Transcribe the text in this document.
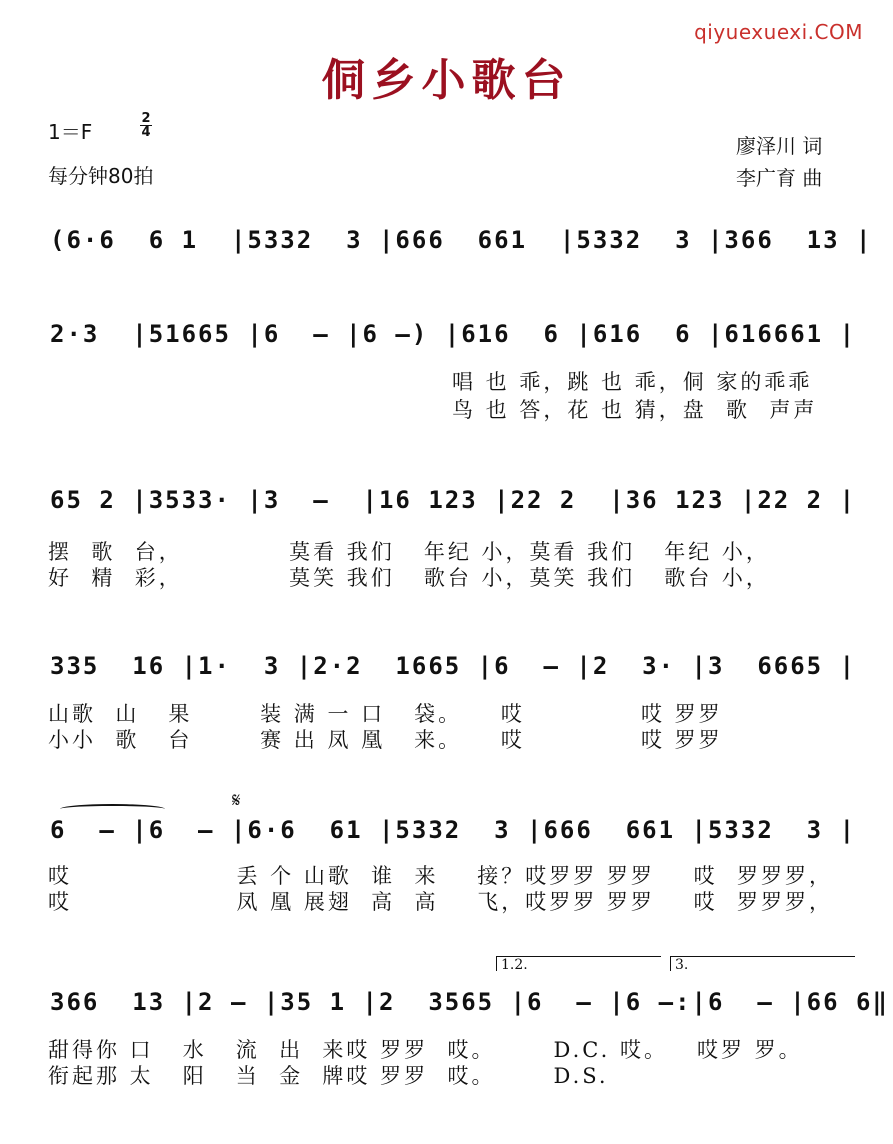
qiyuexuexi.COM
侗乡小歌台
1＝F
2
4
每分钟80拍
廖泽川 词
李广育 曲
(6·6  6 1  |5332  3 |666  661  |5332  3 |366  13 |
2·3  |51665 |6  — |6 —) |616  6 |616  6 |616661 |
唱 也 乖，跳 也 乖，侗 家的乖乖
鸟 也 答，花 也 猜，盘  歌  声声
65 2 |3533· |3  —  |16 123 |22 2  |36 123 |22 2 |
摆  歌  台，           莫看 我们   年纪 小，莫看 我们   年纪 小，
好  精  彩，           莫笑 我们   歌台 小，莫笑 我们   歌台 小，
335  16 |1·  3 |2·2  1665 |6  — |2  3· |3  6665 |
山歌  山   果       装 满 一 口   袋。    哎            哎 罗罗
小小  歌   台       赛 出 凤 凰   来。    哎            哎 罗罗
𝄋
6  — |6  — |6·6  61 |5332  3 |666  661 |5332  3 |
哎                 丢 个 山歌  谁  来    接？哎罗罗 罗罗    哎  罗罗罗，
哎                 凤 凰 展翅  高  高    飞，哎罗罗 罗罗    哎  罗罗罗，
1.2.	3.
366  13 |2 — |35 1 |2  3565 |6  — |6 —:|6  — |66 6‖
甜得你 口   水   流  出  来哎 罗罗  哎。      D.C. 哎。   哎罗 罗。
衔起那 太   阳   当  金  牌哎 罗罗  哎。      D.S.
